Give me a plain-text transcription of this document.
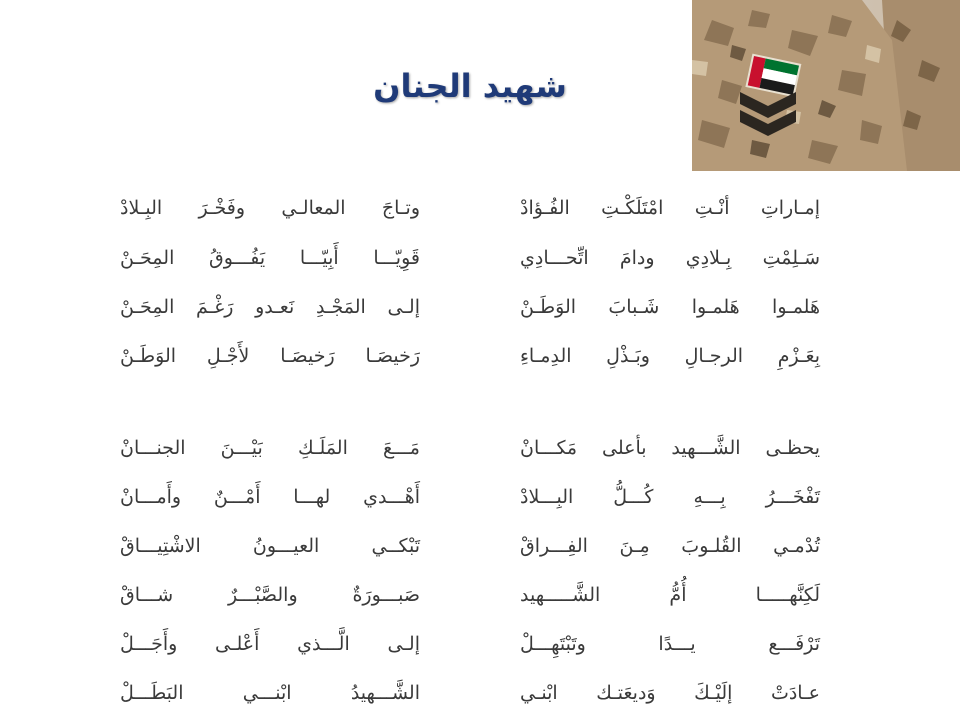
شهيد الجنان
إمـاراتِ أنْـتِ امْتَلَكْـتِ الفُـؤادْ
وتـاجَ المعالـي وفَخْـرَ البِـلادْ
سَـلِمْتِ بِـلادِي ودامَ اتِّحـــادِي
قَوِيّـــا أَبِيّـــا يَفُـــوقُ المِحَـنْ
هَلمـوا هَلمـوا شَـبابَ الوَطَـنْ
إلـى المَجْـدِ نَعـدو رَغْـمَ المِحَـنْ
بِعَـزْمِ الرجـالِ وبَـذْلِ الدِمـاءِ
رَخيصَـا رَخيصَـا لأَجْـلِ الوَطَـنْ
يحظـى الشَّـــهيد بأعلى مَكـــانْ
مَـــعَ المَلَـكِ بَيْـــنَ الجنـــانْ
تَفْخَـــرُ بِـــهِ كُـــلُّ البِـــلادْ
أَهْـــدي لهـــا أَمْـــنٌ وأَمـــانْ
تُدْمـي القُلـوبَ مِـنَ الفِـــراقْ
تَبْكــي العيـــونُ الاشْتِيـــاقْ
لَكِنَّهـــــا أُمُّ الشَّـــــهيد
صَبـــورَةٌ والصَّبْـــرٌ شـــاقْ
تَرْفَـــع يـــدًا وتَبْتَهِـــلْ
إلـى الَّـــذي أَعْلـى وأَجَـــلْ
عـادَتْ إلَيْـكَ وَديعَتـك ابْنـي
الشَّـــهيدُ ابْنـــي البَطَـــلْ
